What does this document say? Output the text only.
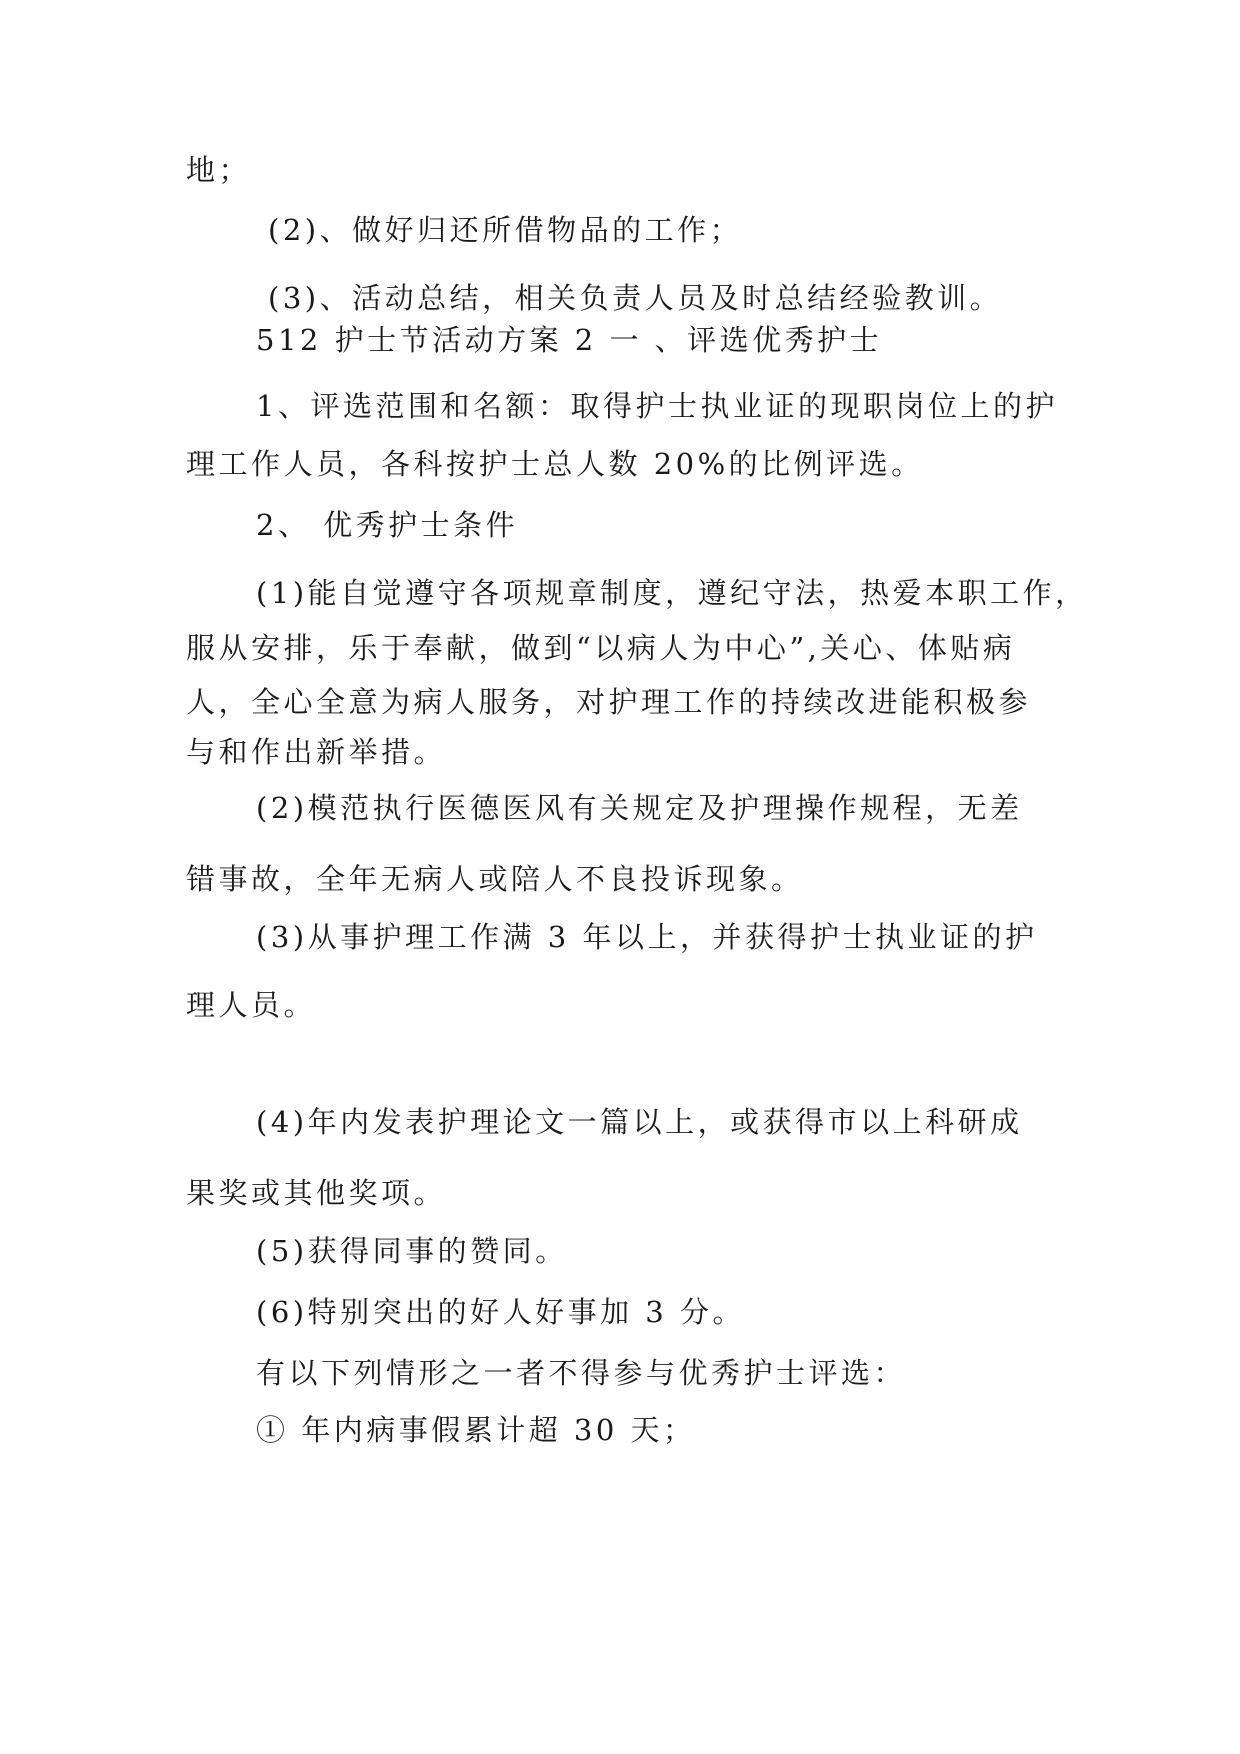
地；
(2)、做好归还所借物品的工作；
(3)、活动总结，相关负责人员及时总结经验教训。
512 护士节活动方案 2 一 、评选优秀护士
1、评选范围和名额：取得护士执业证的现职岗位上的护
理工作人员，各科按护士总人数 20%的比例评选。
2、 优秀护士条件
(1)能自觉遵守各项规章制度，遵纪守法，热爱本职工作，
服从安排，乐于奉献，做到“以病人为中心”,关心、体贴病
人，全心全意为病人服务，对护理工作的持续改进能积极参
与和作出新举措。
(2)模范执行医德医风有关规定及护理操作规程，无差
错事故，全年无病人或陪人不良投诉现象。
(3)从事护理工作满 3 年以上，并获得护士执业证的护
理人员。
(4)年内发表护理论文一篇以上，或获得市以上科研成
果奖或其他奖项。
(5)获得同事的赞同。
(6)特别突出的好人好事加 3 分。
有以下列情形之一者不得参与优秀护士评选：
① 年内病事假累计超 30 天；
